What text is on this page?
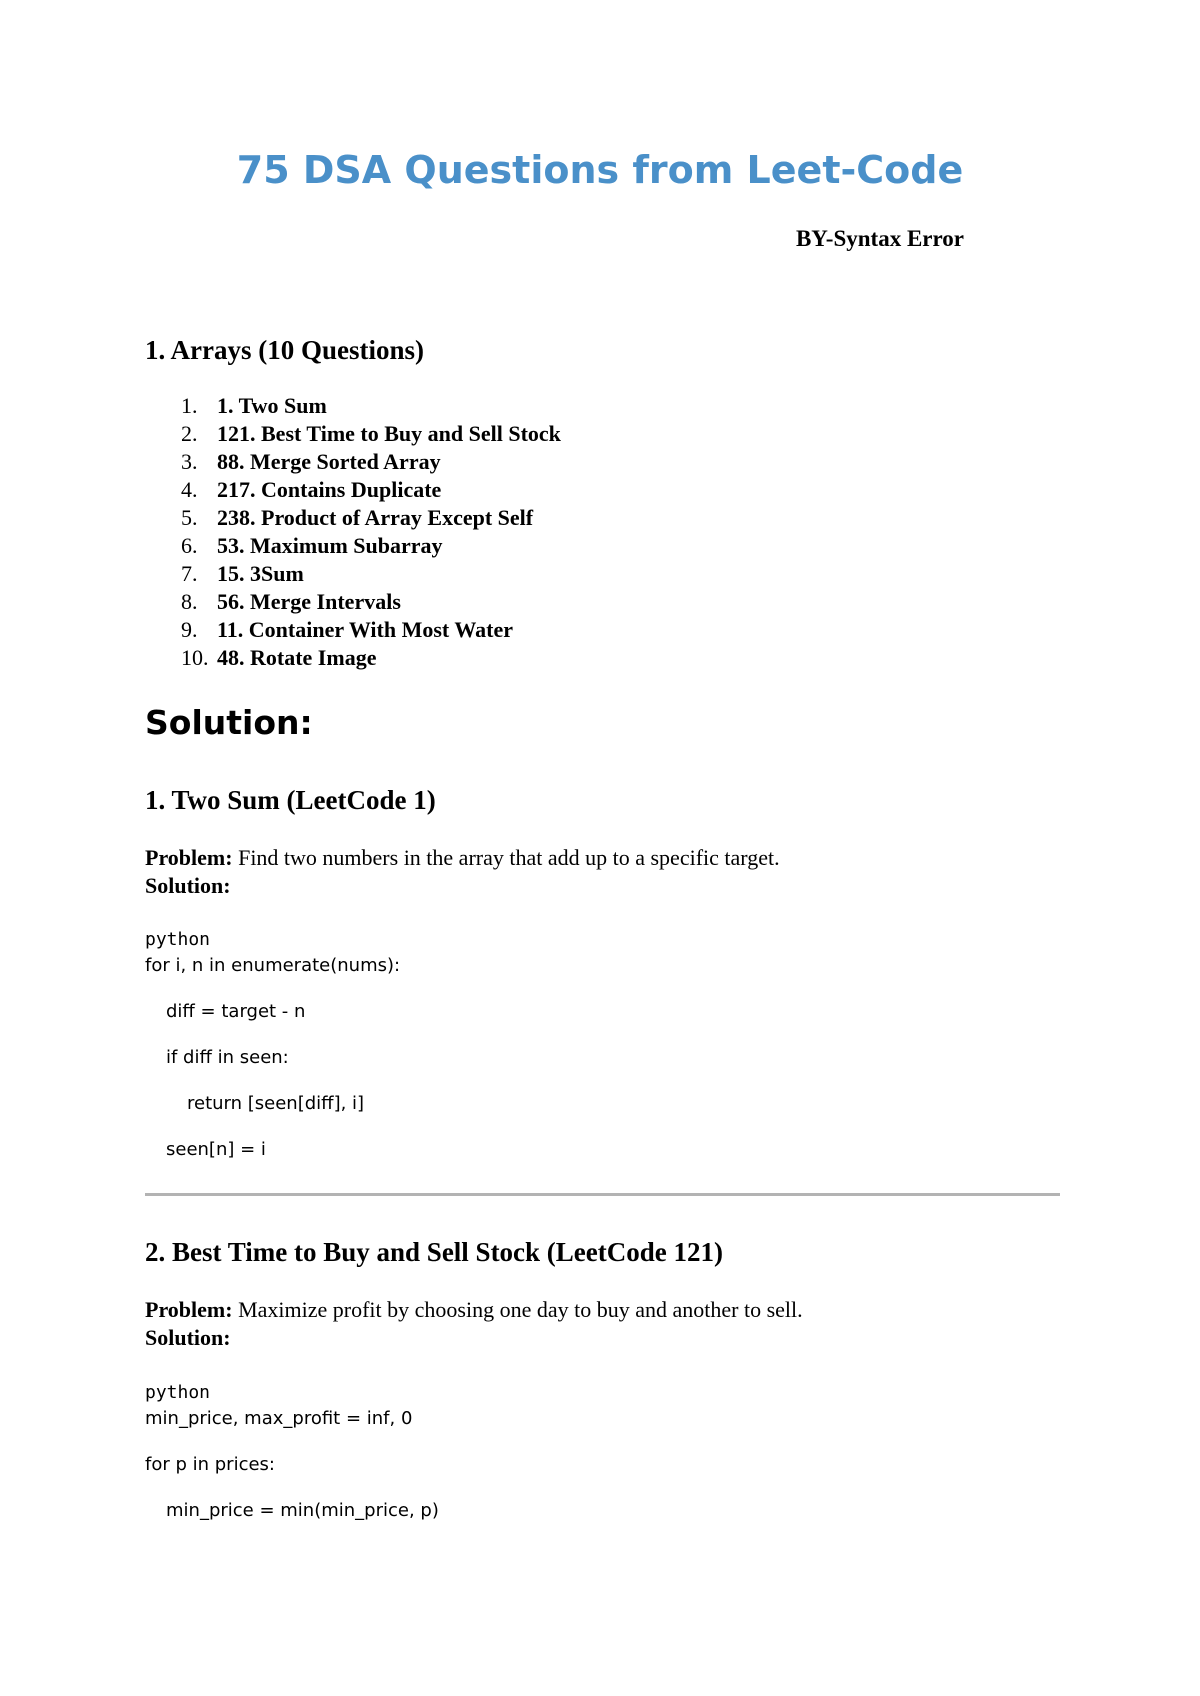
75 DSA Questions from Leet-Code
BY-Syntax Error
1. Arrays (10 Questions)
1. 1. Two Sum
2. 121. Best Time to Buy and Sell Stock
3. 88. Merge Sorted Array
4. 217. Contains Duplicate
5. 238. Product of Array Except Self
6. 53. Maximum Subarray
7. 15. 3Sum
8. 56. Merge Intervals
9. 11. Container With Most Water
10. 48. Rotate Image
Solution:
1. Two Sum (LeetCode 1)
Problem: Find two numbers in the array that add up to a specific target.
Solution:
python
for i, n in enumerate(nums):
diff = target - n
if diff in seen:
return [seen[diff], i]
seen[n] = i
2. Best Time to Buy and Sell Stock (LeetCode 121)
Problem: Maximize profit by choosing one day to buy and another to sell.
Solution:
python
min_price, max_profit = inf, 0
for p in prices:
min_price = min(min_price, p)
